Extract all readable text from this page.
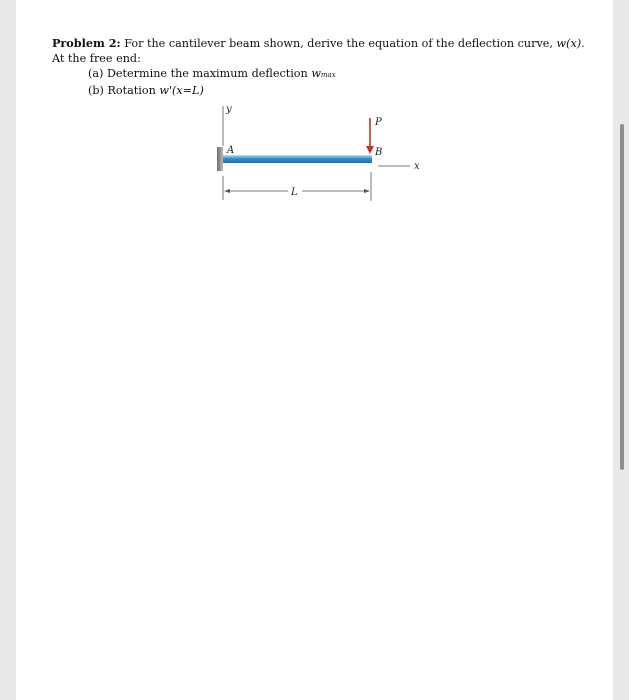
Problem 2: For the cantilever beam shown, derive the equation of the deflection curve, w(x).
At the free end:
(a) Determine the maximum deflection wmax
(b) Rotation w'(x=L)
y
A
P
B
x
L
